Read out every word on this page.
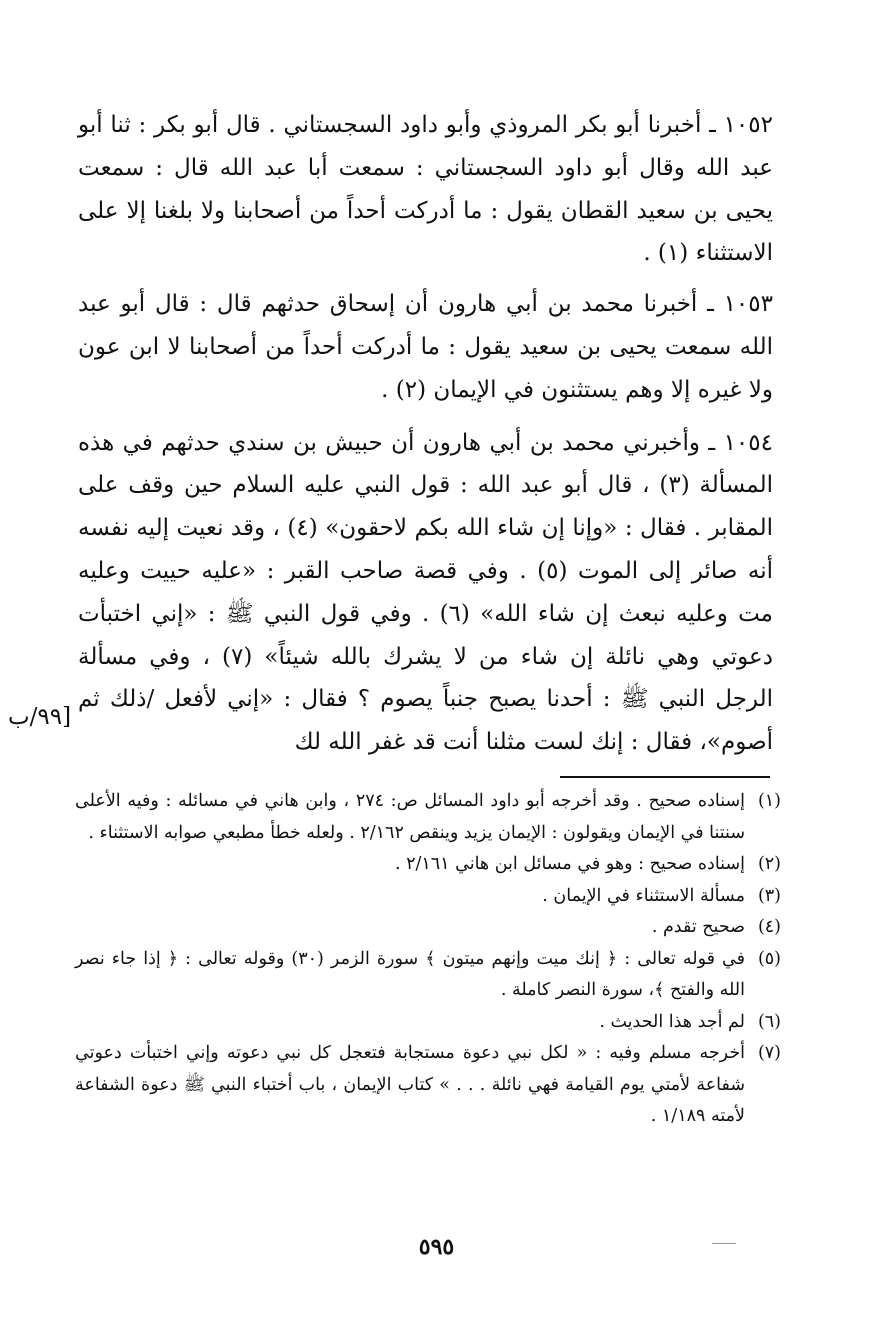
١٠٥٢ ـ أخبرنا أبو بكر المروذي وأبو داود السجستاني . قال أبو بكر : ثنا أبو عبد الله وقال أبو داود السجستاني : سمعت أبا عبد الله قال : سمعت يحيى بن سعيد القطان يقول : ما أدركت أحداً من أصحابنا ولا بلغنا إلا على الاستثناء (١) .

١٠٥٣ ـ أخبرنا محمد بن أبي هارون أن إسحاق حدثهم قال : قال أبو عبد الله سمعت يحيى بن سعيد يقول : ما أدركت أحداً من أصحابنا لا ابن عون ولا غيره إلا وهم يستثنون في الإيمان (٢) .

١٠٥٤ ـ وأخبرني محمد بن أبي هارون أن حبيش بن سندي حدثهم في هذه المسألة (٣) ، قال أبو عبد الله : قول النبي عليه السلام حين وقف على المقابر . فقال : «وإنا إن شاء الله بكم لاحقون» (٤) ، وقد نعيت إليه نفسه أنه صائر إلى الموت (٥) . وفي قصة صاحب القبر : «عليه حييت وعليه مت وعليه نبعث إن شاء الله» (٦) . وفي قول النبي ﷺ : «إني اختبأت دعوتي وهي نائلة إن شاء من لا يشرك بالله شيئاً» (٧) ، وفي مسألة الرجل النبي ﷺ : أحدنا يصبح جنباً يصوم ؟ فقال : «إني لأفعل /ذلك ثم أصوم»، فقال : إنك لست مثلنا أنت قد غفر الله لك

[٩٩/ب

(١)إسناده صحيح . وقد أخرجه أبو داود المسائل ص: ٢٧٤ ، وابن هاني في مسائله : وفيه الأعلى سنتنا في الإيمان ويقولون : الإيمان يزيد وينقص ٢/١٦٢ . ولعله خطأ مطبعي صوابه الاستثناء .

(٢)إسناده صحيح : وهو في مسائل ابن هاني ٢/١٦١ .

(٣)مسألة الاستثناء في الإيمان .

(٤)صحيح تقدم .

(٥)في قوله تعالى : ﴿ إنك ميت وإنهم ميتون ﴾ سورة الزمر (٣٠) وقوله تعالى : ﴿ إذا جاء نصر الله والفتح ﴾، سورة النصر كاملة .

(٦)لم أجد هذا الحديث .

(٧)أخرجه مسلم وفيه : « لكل نبي دعوة مستجابة فتعجل كل نبي دعوته وإني اختبأت دعوتي شفاعة لأمتي يوم القيامة فهي نائلة . . . » كتاب الإيمان ، باب أختباء النبي ﷺ دعوة الشفاعة لأمته ١/١٨٩ .

٥٩٥
